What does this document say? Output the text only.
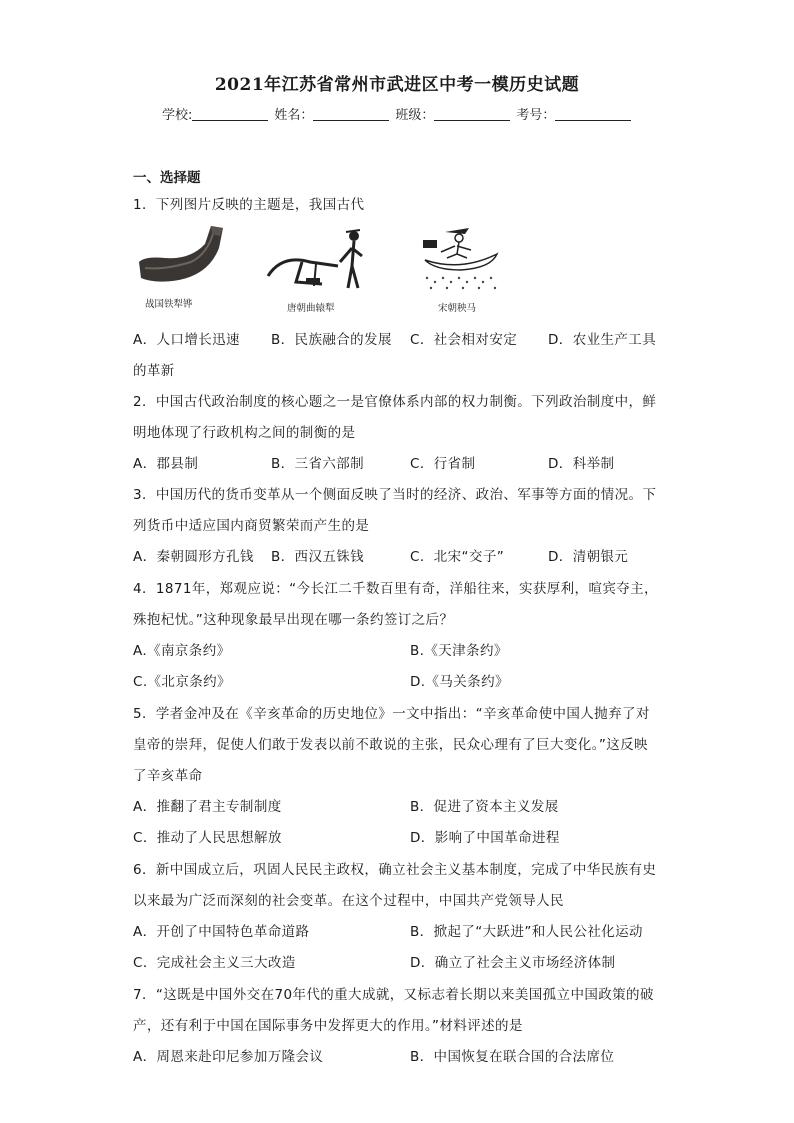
2021年江苏省常州市武进区中考一模历史试题
学校:	姓名：	班级：	考号：
一、选择题
1．下列图片反映的主题是，我国古代
战国铁犁铧	唐朝曲辕犁	宋朝秧马
A．人口增长迅速 B．民族融合的发展 C．社会相对安定 D．农业生产工具
的革新
2．中国古代政治制度的核心题之一是官僚体系内部的权力制衡。下列政治制度中，鲜
明地体现了行政机构之间的制衡的是
A．郡县制	B．三省六部制	C．行省制	D．科举制
3．中国历代的货币变革从一个侧面反映了当时的经济、政治、军事等方面的情况。下
列货币中适应国内商贸繁荣而产生的是
A．秦朝圆形方孔钱 B．西汉五铢钱	C．北宋“交子”	D．清朝银元
4．1871年，郑观应说：“今长江二千数百里有奇，洋船往来，实获厚利，喧宾夺主，
殊抱杞忧。”这种现象最早出现在哪一条约签订之后？
A.《南京条约》	B.《天津条约》
C.《北京条约》	D.《马关条约》
5．学者金冲及在《辛亥革命的历史地位》一文中指出：“辛亥革命使中国人抛弃了对
皇帝的崇拜，促使人们敢于发表以前不敢说的主张，民众心理有了巨大变化。”这反映
了辛亥革命
A．推翻了君主专制制度	B．促进了资本主义发展
C．推动了人民思想解放	D．影响了中国革命进程
6．新中国成立后，巩固人民民主政权，确立社会主义基本制度，完成了中华民族有史
以来最为广泛而深刻的社会变革。在这个过程中，中国共产党领导人民
A．开创了中国特色革命道路	B．掀起了“大跃进”和人民公社化运动
C．完成社会主义三大改造	D．确立了社会主义市场经济体制
7．“这既是中国外交在70年代的重大成就，又标志着长期以来美国孤立中国政策的破
产，还有利于中国在国际事务中发挥更大的作用。”材料评述的是
A．周恩来赴印尼参加万隆会议	B．中国恢复在联合国的合法席位
